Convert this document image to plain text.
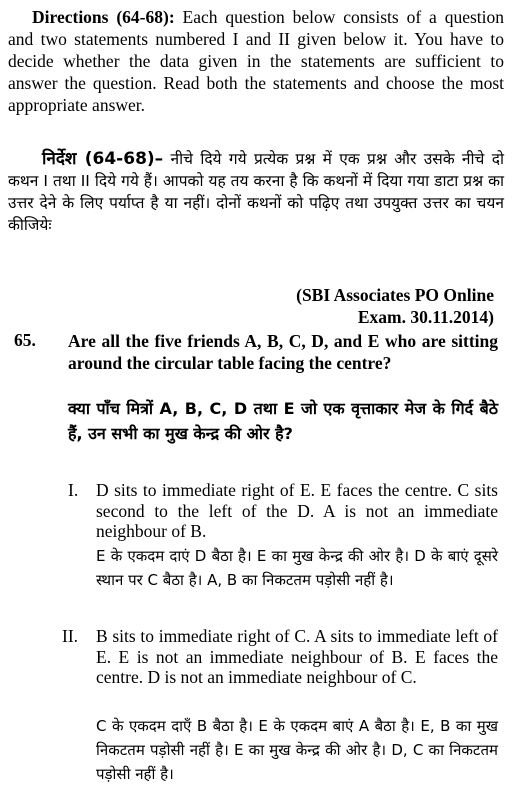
Directions (64-68): Each question below consists of a question and two statements numbered I and II given below it. You have to decide whether the data given in the statements are sufficient to answer the question. Read both the statements and choose the most appropriate answer.

निर्देश (64-68)– नीचे दिये गये प्रत्येक प्रश्न में एक प्रश्न और उसके नीचे दो कथन I तथा II दिये गये हैं। आपको यह तय करना है कि कथनों में दिया गया डाटा प्रश्न का उत्तर देने के लिए पर्याप्त है या नहीं। दोनों कथनों को पढ़िए तथा उपयुक्त उत्तर का चयन कीजियेः

(SBI Associates PO Online
Exam. 30.11.2014)
65. Are all the five friends A, B, C, D, and E who are sitting around the circular table facing the centre?

क्या पाँच मित्रों A, B, C, D तथा E जो एक वृत्ताकार मेज के गिर्द बैठे हैं, उन सभी का मुख केन्द्र की ओर है?

I. D sits to immediate right of E. E faces the centre. C sits second to the left of the D. A is not an immediate neighbour of B.

E के एकदम दाएं D बैठा है। E का मुख केन्द्र की ओर है। D के बाएं दूसरे स्थान पर C बैठा है। A, B का निकटतम पड़ोसी नहीं है।

II. B sits to immediate right of C. A sits to immediate left of E. E is not an immediate neighbour of B. E faces the centre. D is not an immediate neighbour of C.

C के एकदम दाएँ B बैठा है। E के एकदम बाएं A बैठा है। E, B का मुख निकटतम पड़ोसी नहीं है। E का मुख केन्द्र की ओर है। D, C का निकटतम पड़ोसी नहीं है।
